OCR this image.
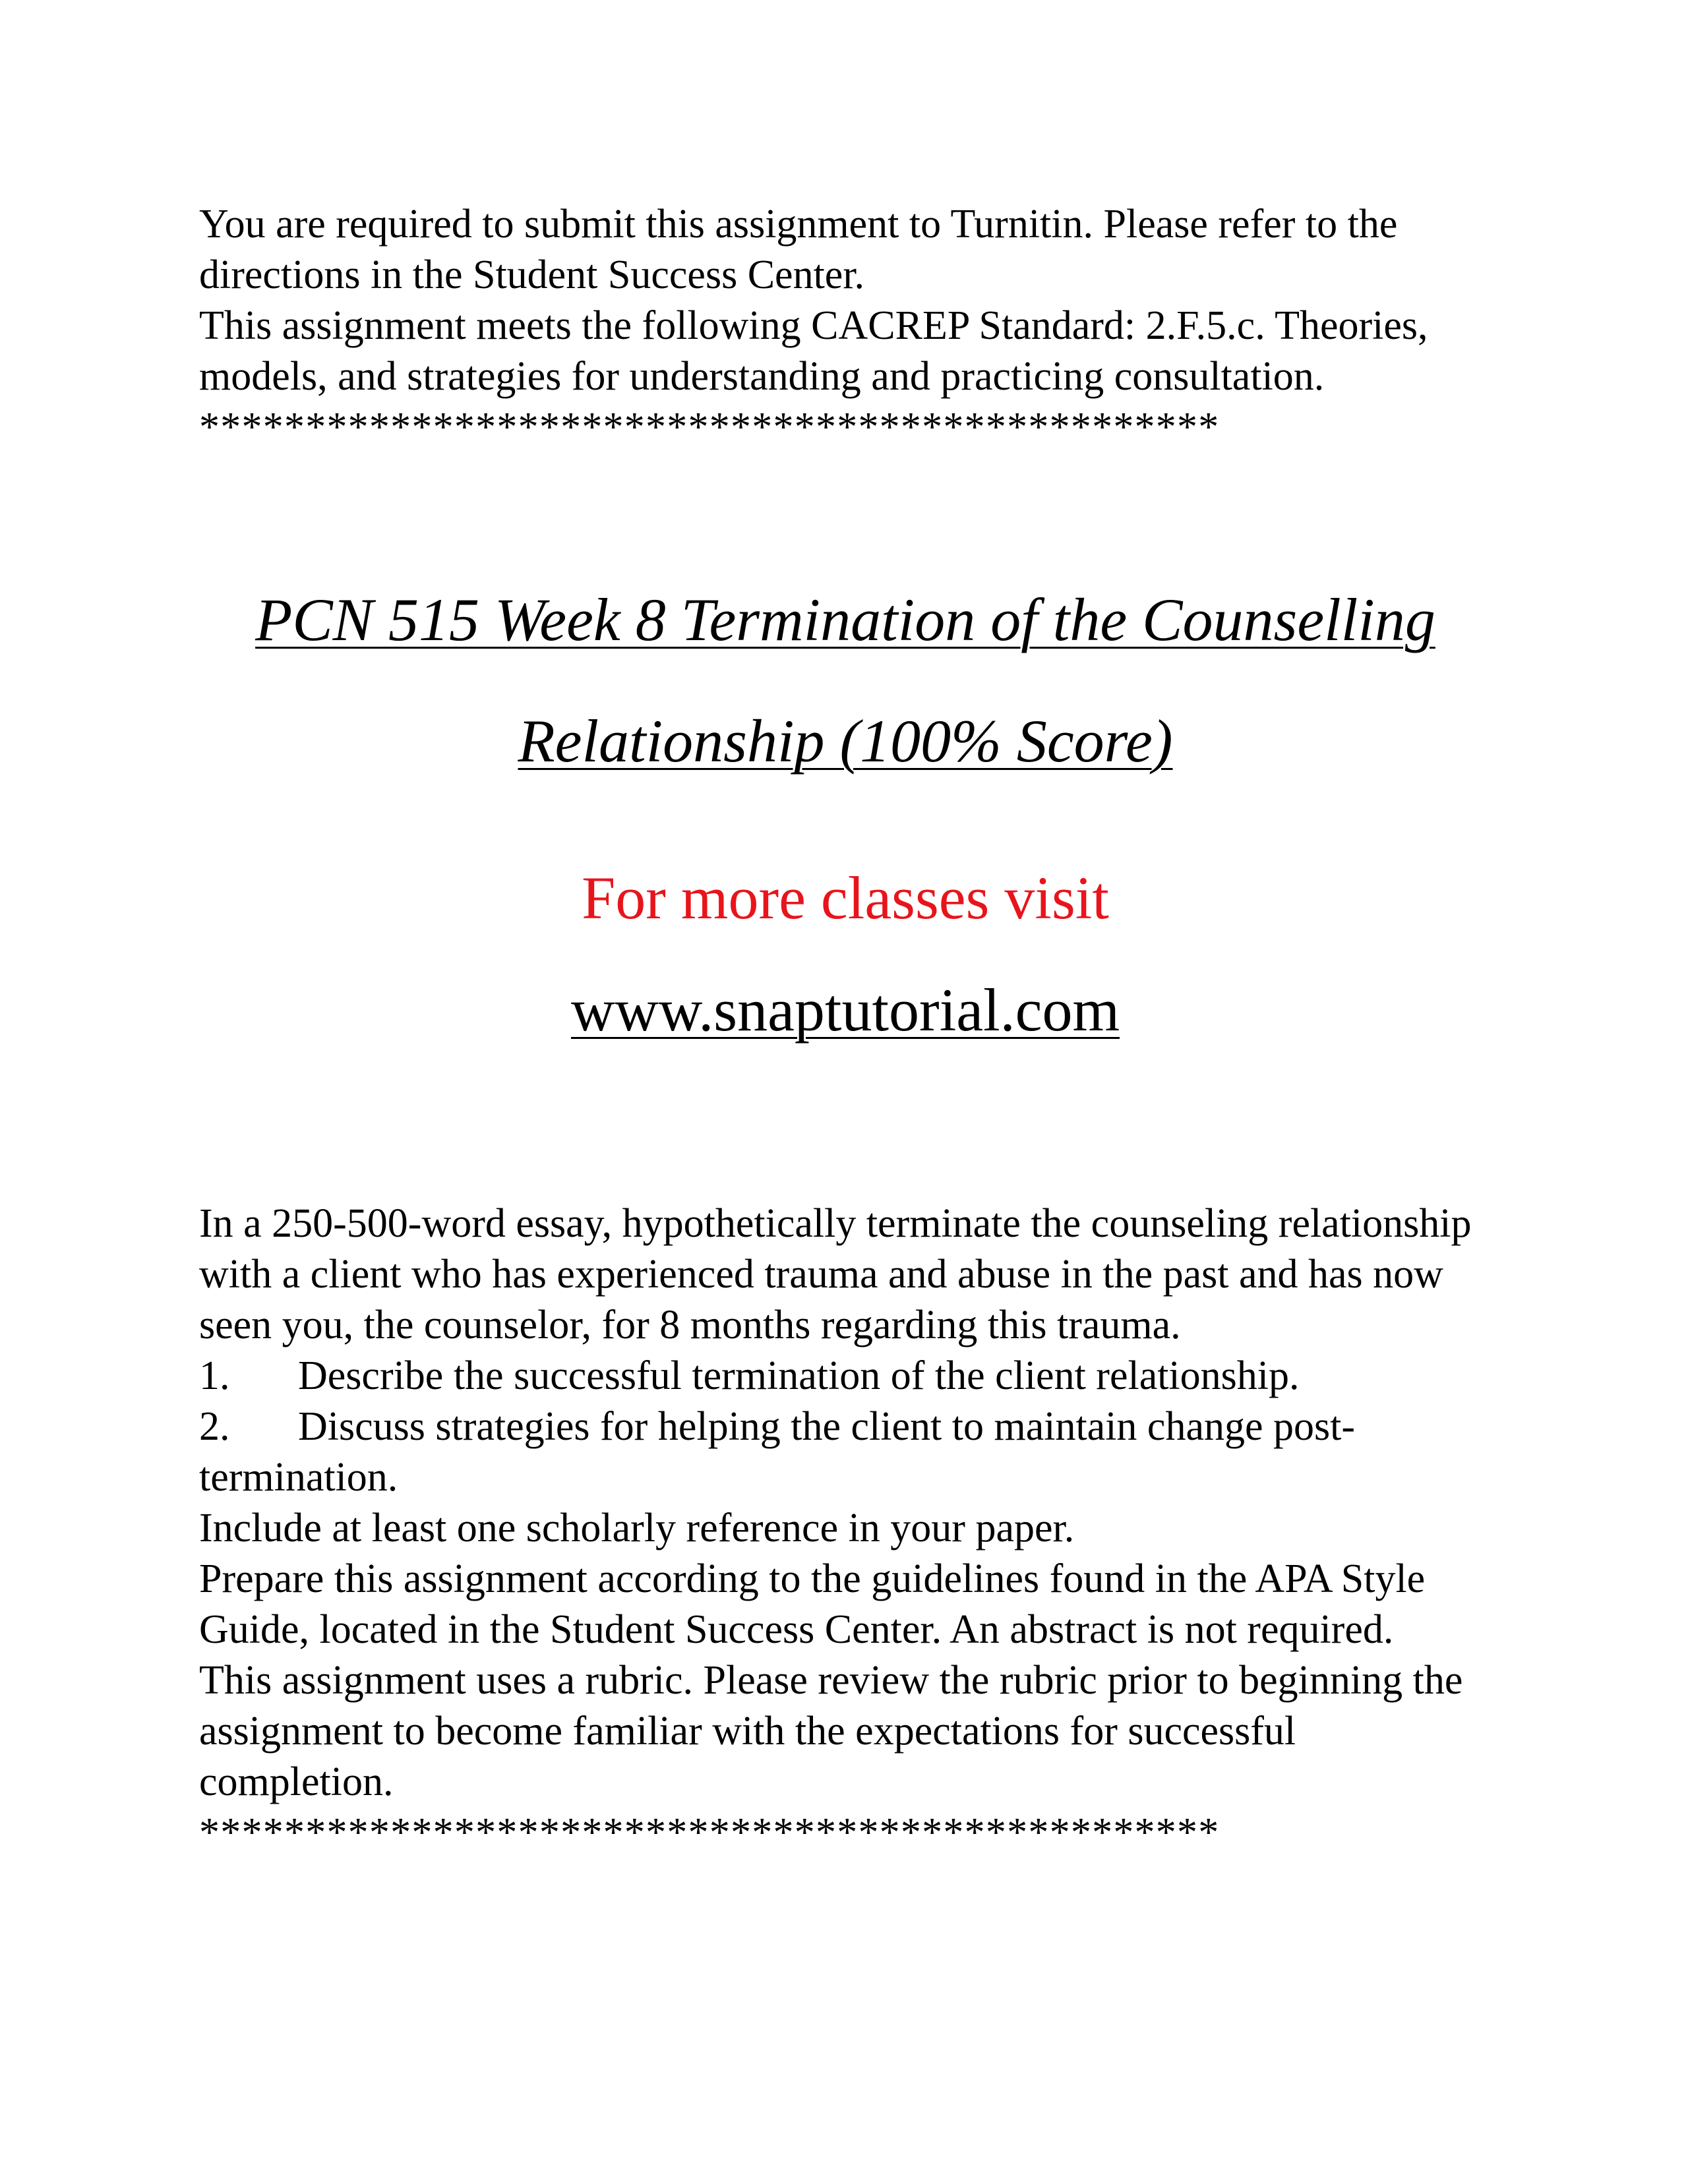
You are required to submit this assignment to Turnitin. Please refer to the directions in the Student Success Center.

This assignment meets the following CACREP Standard: 2.F.5.c. Theories, models, and strategies for understanding and practicing consultation.

************************************************

PCN 515 Week 8 Termination of the Counselling Relationship (100% Score)

For more classes visit

www.snaptutorial.com

In a 250-500-word essay, hypothetically terminate the counseling relationship with a client who has experienced trauma and abuse in the past and has now seen you, the counselor, for 8 months regarding this trauma.

1.	Describe the successful termination of the client relationship.
2.	Discuss strategies for helping the client to maintain change post-

termination.

Include at least one scholarly reference in your paper.

Prepare this assignment according to the guidelines found in the APA Style Guide, located in the Student Success Center. An abstract is not required.

This assignment uses a rubric. Please review the rubric prior to beginning the assignment to become familiar with the expectations for successful completion.

************************************************
